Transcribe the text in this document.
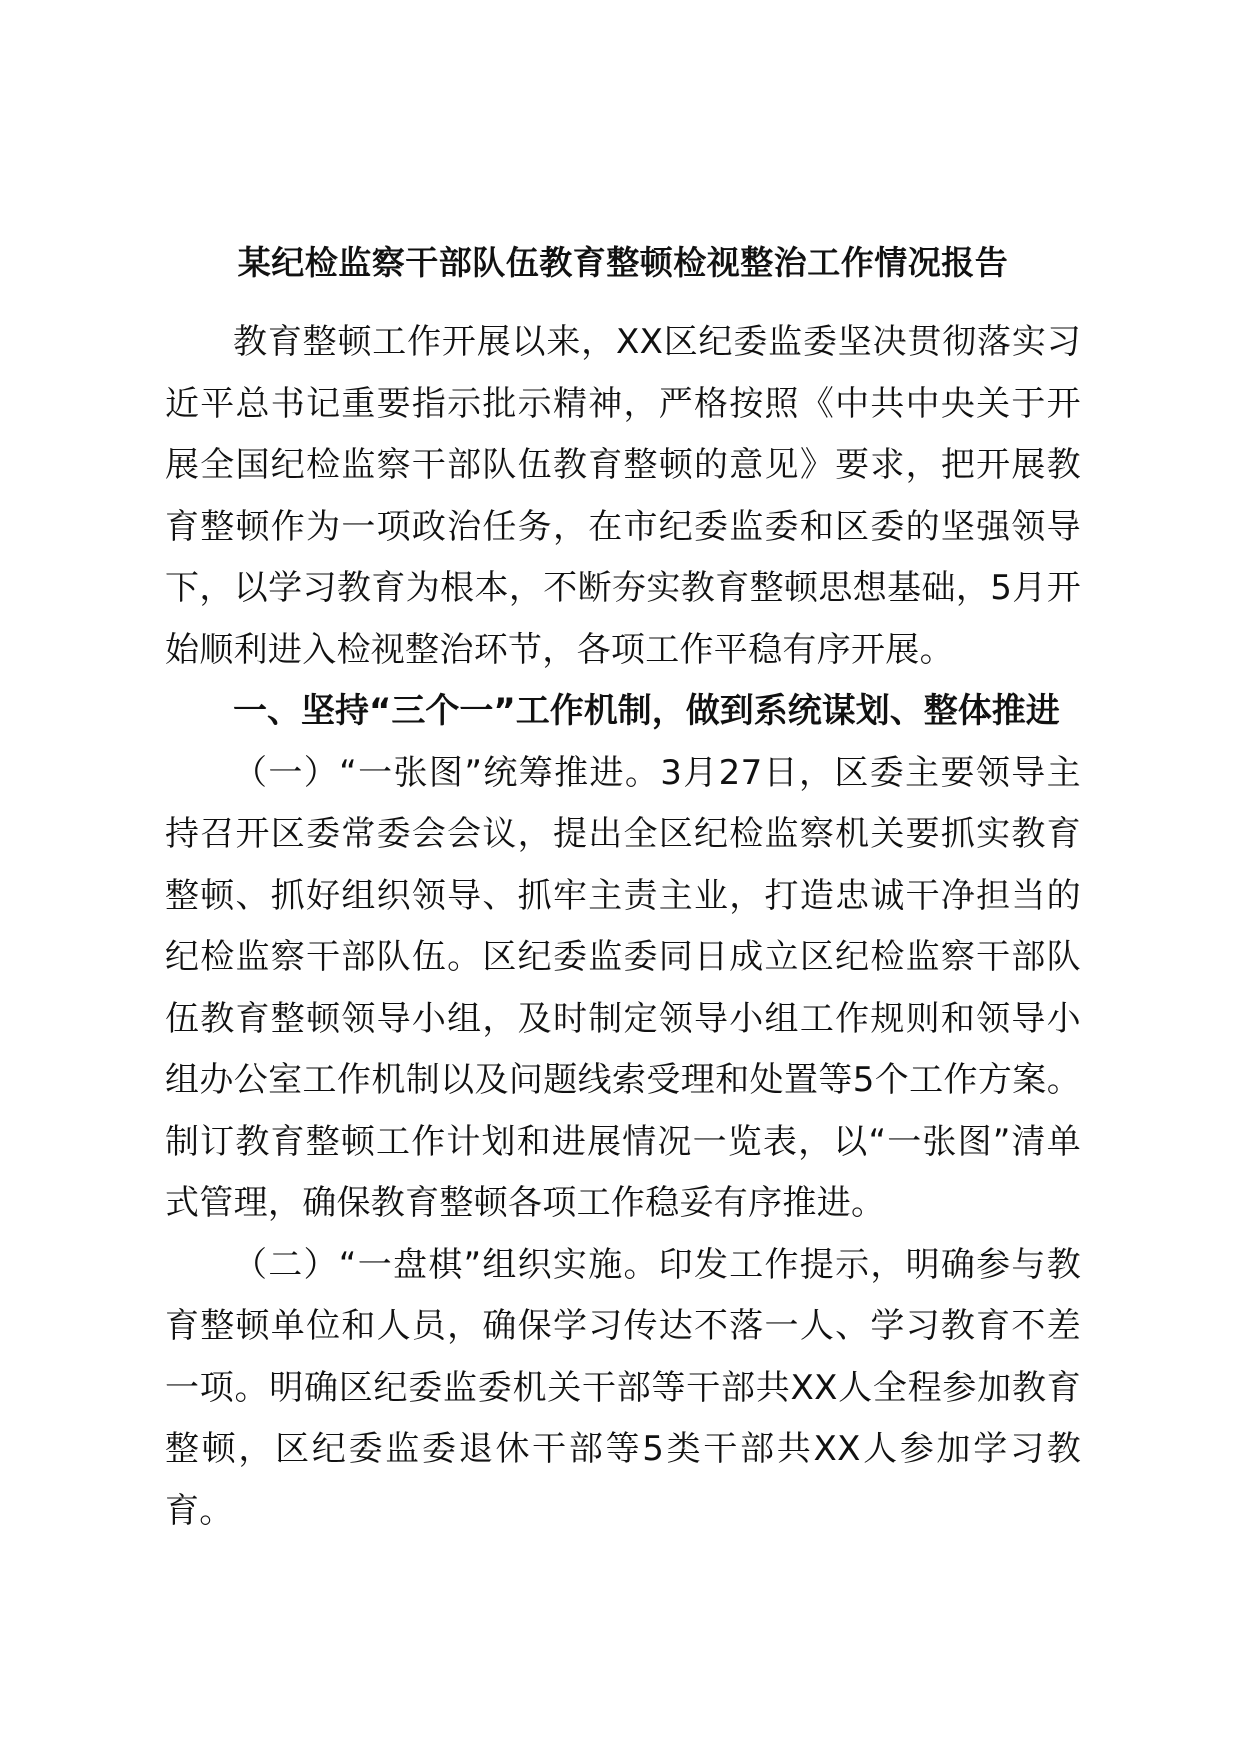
某纪检监察干部队伍教育整顿检视整治工作情况报告

教育整顿工作开展以来，XX区纪委监委坚决贯彻落实习近平总书记重要指示批示精神，严格按照《中共中央关于开展全国纪检监察干部队伍教育整顿的意见》要求，把开展教育整顿作为一项政治任务，在市纪委监委和区委的坚强领导下，以学习教育为根本，不断夯实教育整顿思想基础，5月开始顺利进入检视整治环节，各项工作平稳有序开展。

一、坚持“三个一”工作机制，做到系统谋划、整体推进

（一）“一张图”统筹推进。3月27日，区委主要领导主持召开区委常委会会议，提出全区纪检监察机关要抓实教育整顿、抓好组织领导、抓牢主责主业，打造忠诚干净担当的纪检监察干部队伍。区纪委监委同日成立区纪检监察干部队伍教育整顿领导小组，及时制定领导小组工作规则和领导小组办公室工作机制以及问题线索受理和处置等5个工作方案。制订教育整顿工作计划和进展情况一览表，以“一张图”清单式管理，确保教育整顿各项工作稳妥有序推进。

（二）“一盘棋”组织实施。印发工作提示，明确参与教育整顿单位和人员，确保学习传达不落一人、学习教育不差一项。明确区纪委监委机关干部等干部共XX人全程参加教育整顿，区纪委监委退休干部等5类干部共XX人参加学习教育。
